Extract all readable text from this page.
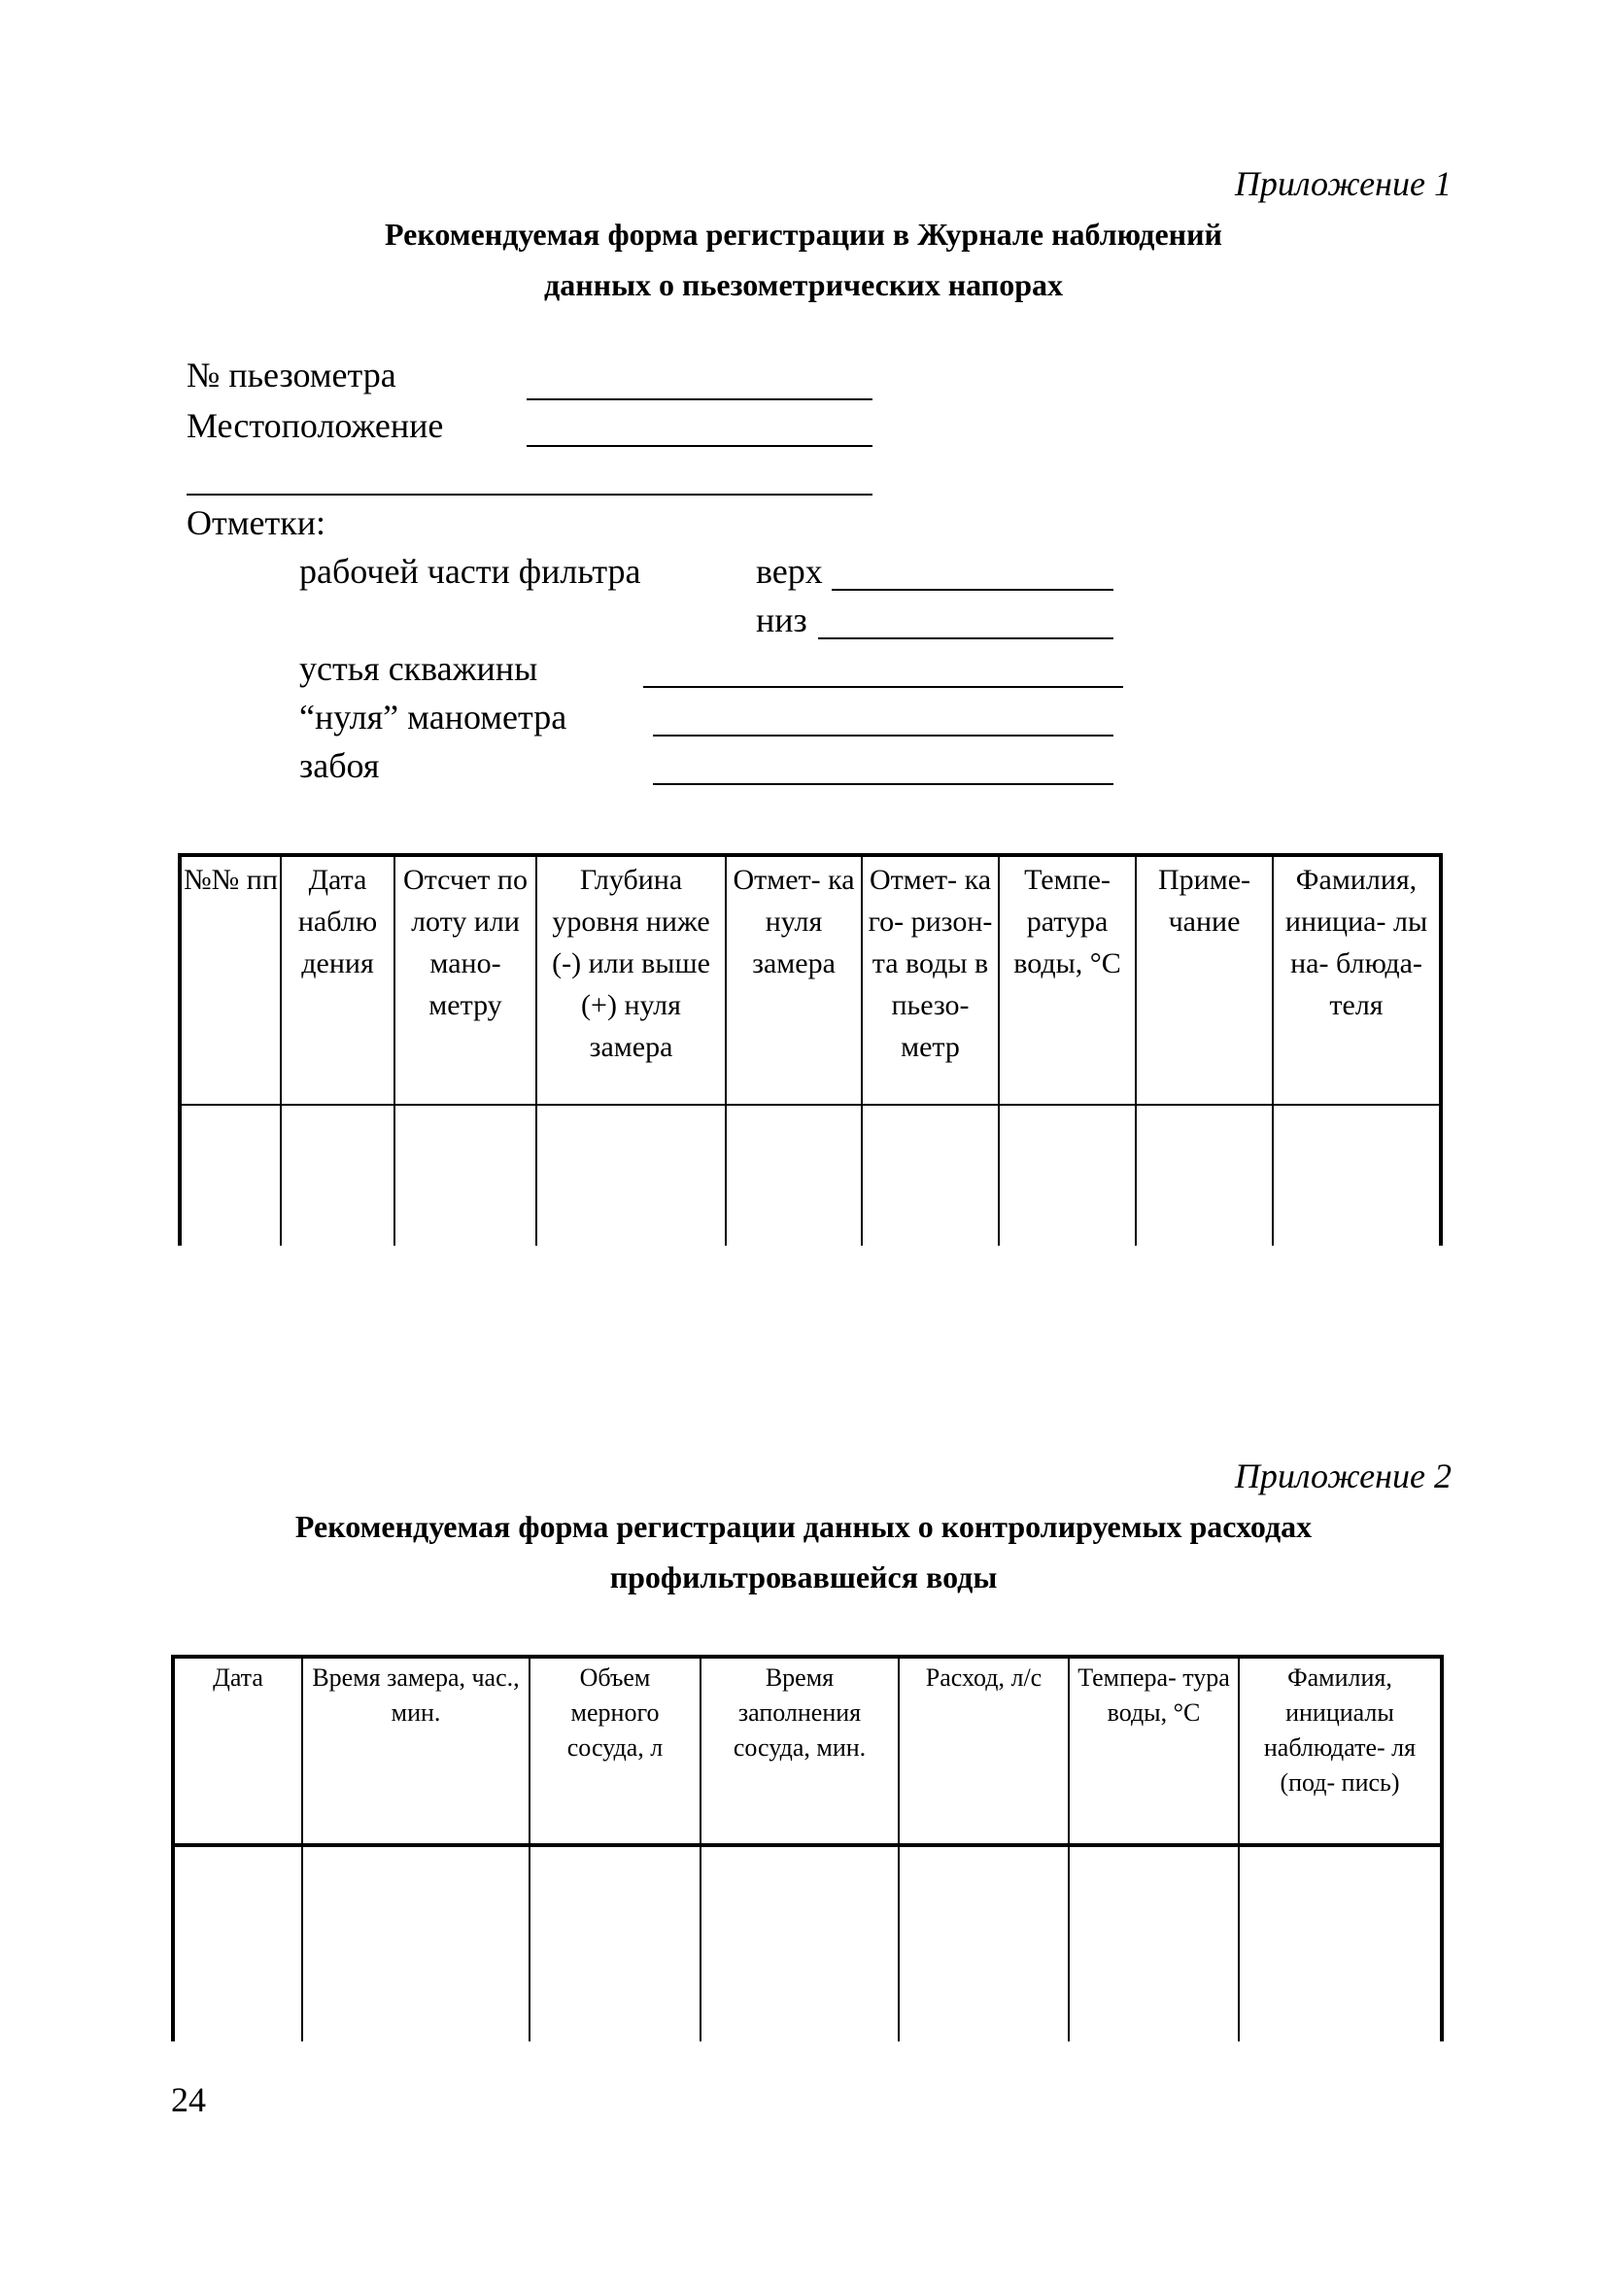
Приложение 1
Рекомендуемая форма регистрации в Журнале наблюдений
данных о пьезометрических напорах
№ пьезометра
Местоположение
Отметки:
рабочей части фильтра	верх
низ
устья скважины
“нуля” манометра
забоя
№№ пп	Дата наблю дения	Отсчет по лоту или мано- метру	Глубина уровня ниже (-) или выше (+) нуля замера	Отмет- ка нуля замера	Отмет- ка го- ризон- та воды в пьезо- метр	Темпе- ратура воды, °С	Приме- чание	Фамилия, инициа- лы на- блюда- теля

Приложение 2
Рекомендуемая форма регистрации данных о контролируемых расходах
профильтровавшейся воды
Дата	Время замера, час., мин.	Объем мерного сосуда, л	Время заполнения сосуда, мин.	Расход, л/с	Темпера- тура воды, °С	Фамилия, инициалы наблюдате- ля (под- пись)

24
